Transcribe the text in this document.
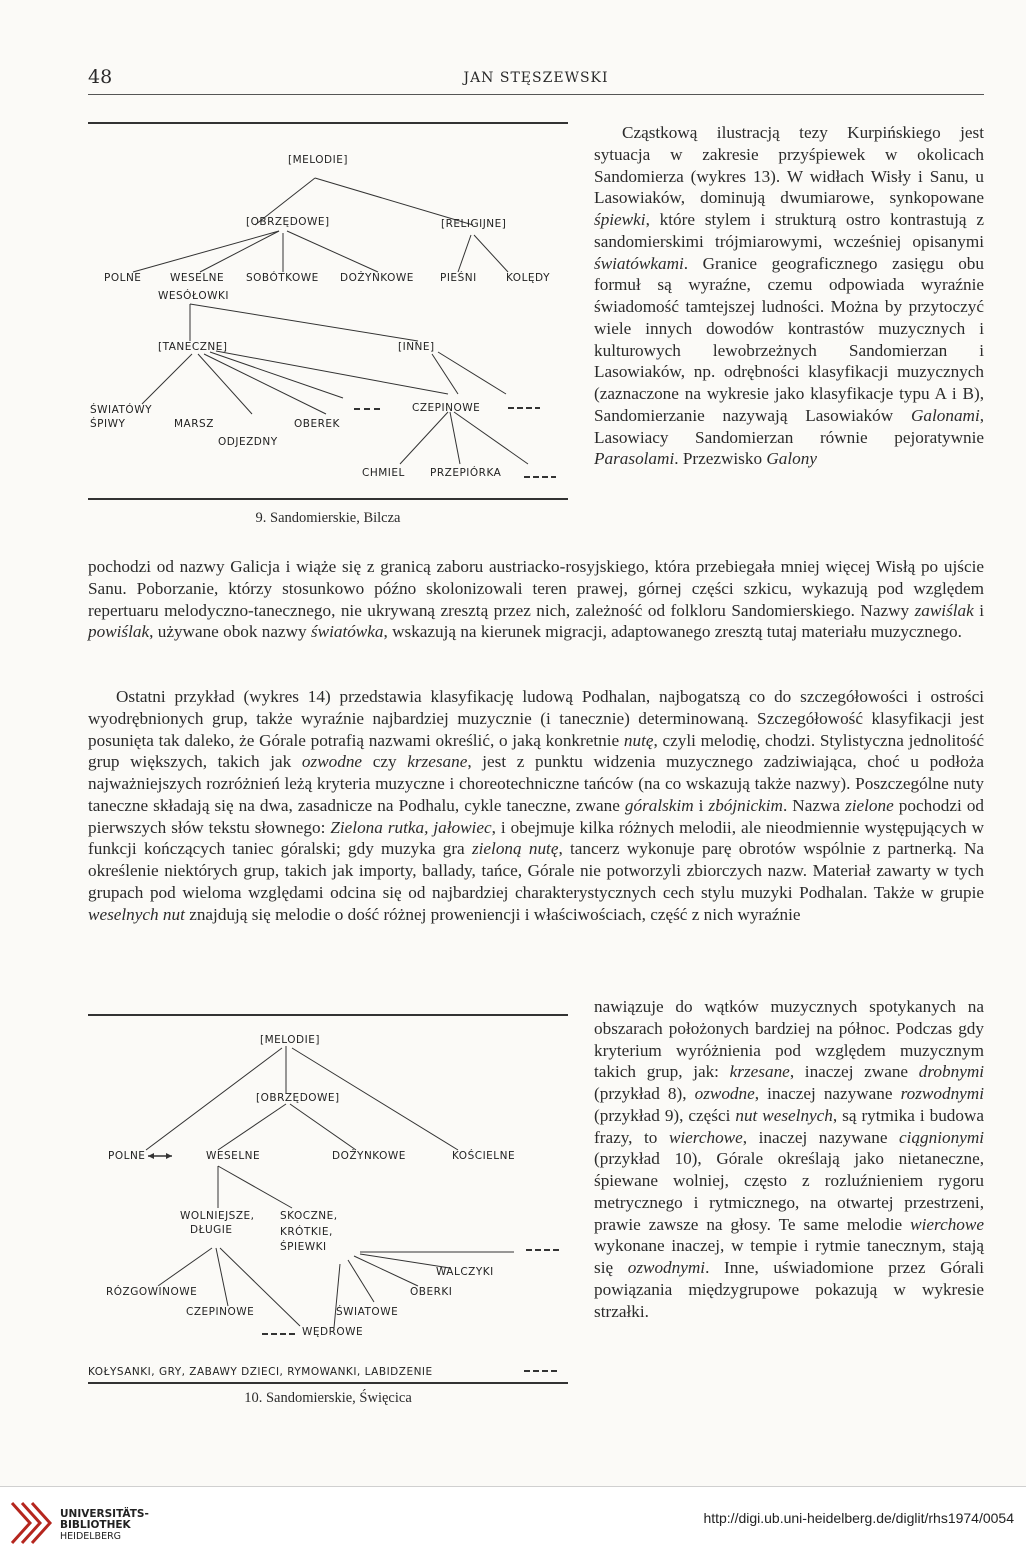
48	JAN STĘSZEWSKI
[MELODIE]
[OBRZĘDOWE]	[RELIGIJNE]
POLNE	WESELNE
WESÓŁOWKI
SOBÓTKOWE DOŻYNKOWE PIEŚNI	KOLĘDY
[TANECZNE]	[INNE]
ŚWIATÓWY
ŚPIWY	MARSZ	OBEREK
ODJEZDNY
CZEPINOWE
CHMIEL PRZEPIÓRKA
9. Sandomierskie, Bilcza

Cząstkową ilustracją tezy Kurpińskiego jest sytuacja w zakresie przyśpiewek w okolicach Sandomierza (wykres 13). W widłach Wisły i Sanu, u Lasowiaków, dominują dwumiarowe, synkopowane śpiewki, które stylem i strukturą ostro kontrastują z sandomierskimi trójmiarowymi, wcześniej opisanymi światówkami. Granice geograficznego zasięgu obu formuł są wyraźne, czemu odpowiada wyraźnie świadomość tamtejszej ludności. Można by przytoczyć wiele innych dowodów kontrastów muzycznych i kulturowych lewobrzeżnych Sandomierzan i Lasowiaków, np. odrębności klasyfikacji muzycznych (zaznaczone na wykresie jako klasyfikacje typu A i B), Sandomierzanie nazywają Lasowiaków Galonami, Lasowiacy Sandomierzan równie pejoratywnie Parasolami. Przezwisko Galony

pochodzi od nazwy Galicja i wiąże się z granicą zaboru austriacko-rosyjskiego, która przebiegała mniej więcej Wisłą po ujście Sanu. Poborzanie, którzy stosunkowo późno skolonizowali teren prawej, górnej części szkicu, wykazują pod względem repertuaru melodyczno-tanecznego, nie ukrywaną zresztą przez nich, zależność od folkloru Sandomierskiego. Nazwy zawiślak i powiślak, używane obok nazwy światówka, wskazują na kierunek migracji, adaptowanego zresztą tutaj materiału muzycznego.

Ostatni przykład (wykres 14) przedstawia klasyfikację ludową Podhalan, najbogatszą co do szczegółowości i ostrości wyodrębnionych grup, także wyraźnie najbardziej muzycznie (i tanecznie) determinowaną. Szczegółowość klasyfikacji jest posunięta tak daleko, że Górale potrafią nazwami określić, o jaką konkretnie nutę, czyli melodię, chodzi. Stylistyczna jednolitość grup większych, takich jak ozwodne czy krzesane, jest z punktu widzenia muzycznego zadziwiająca, choć u podłoża najważniejszych rozróżnień leżą kryteria muzyczne i choreotechniczne tańców (na co wskazują także nazwy). Poszczególne nuty taneczne składają się na dwa, zasadnicze na Podhalu, cykle taneczne, zwane góralskim i zbójnickim. Nazwa zielone pochodzi od pierwszych słów tekstu słownego: Zielona rutka, jałowiec, i obejmuje kilka różnych melodii, ale nieodmiennie występujących w funkcji kończących taniec góralski; gdy muzyka gra zieloną nutę, tancerz wykonuje parę obrotów wspólnie z partnerką. Na określenie niektórych grup, takich jak importy, ballady, tańce, Górale nie potworzyli zbiorczych nazw. Materiał zawarty w tych grupach pod wieloma względami odcina się od najbardziej charakterystycznych cech stylu muzyki Podhalan. Także w grupie weselnych nut znajdują się melodie o dość różnej proweniencji i właściwościach, część z nich wyraźnie

nawiązuje do wątków muzycznych spotykanych na obszarach położonych bardziej na północ. Podczas gdy kryterium wyróżnienia pod względem muzycznym takich grup, jak: krzesane, inaczej zwane drobnymi (przykład 8), ozwodne, inaczej nazywane rozwodnymi (przykład 9), części nut weselnych, są rytmika i budowa frazy, to wierchowe, inaczej nazywane ciągnionymi (przykład 10), Górale określają jako nietaneczne, śpiewane wolniej, często z rozluźnieniem rygoru metrycznego i rytmicznego, na otwartej przestrzeni, prawie zawsze na głosy. Te same melodie wierchowe wykonane inaczej, w tempie i rytmie tanecznym, stają się ozwodnymi. Inne, uświadomione przez Górali powiązania międzygrupowe pokazują w wykresie strzałki.

[MELODIE]
[OBRZĘDOWE]
POLNE	WESELNE	DOŻYNKOWE	KOŚCIELNE
WOLNIEJSZE,
DŁUGIE
SKOCZNE,
KRÓTKIE,
ŚPIEWKI
WALCZYKI
OBERKI
ŚWIATOWE
RÓZGOWINOWE
CZEPINOWE
WĘDROWE
KOŁYSANKI, GRY, ZABAWY DZIECI, RYMOWANKI, LABIDZENIE
10. Sandomierskie, Święcica
UNIVERSITÄTS-
BIBLIOTHEK
HEIDELBERG
http://digi.ub.uni-heidelberg.de/diglit/rhs1974/0054
